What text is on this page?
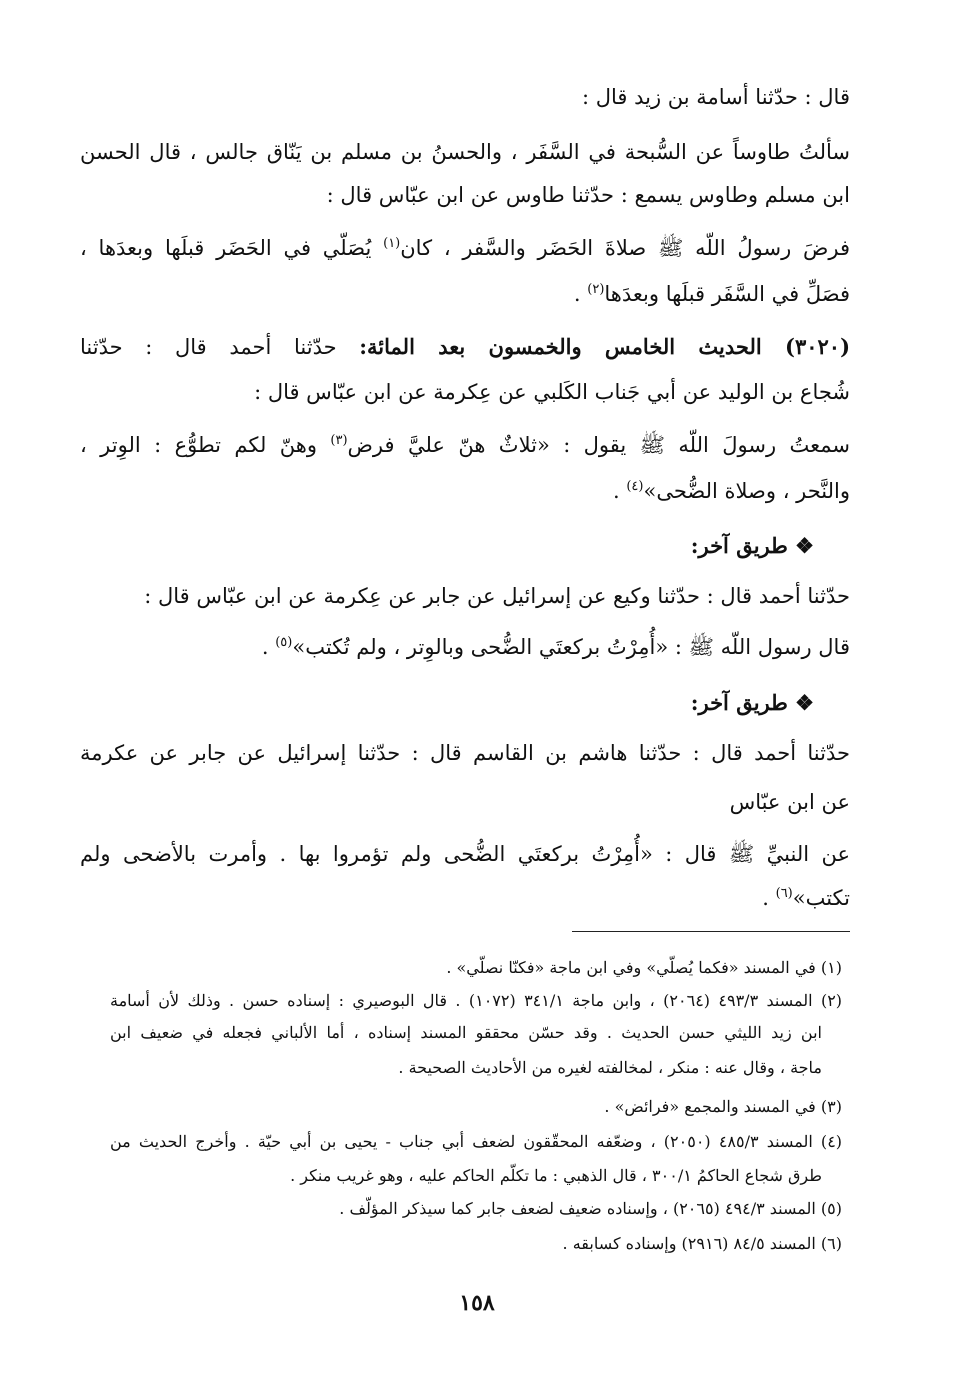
قال : حدّثنا أسامة بن زيد قال :
سألتُ طاوساً عن السُّبحة في السَّفَر ، والحسنُ بن مسلم بن يَنّاق جالس ، قال الحسن
ابن مسلم وطاوس يسمع : حدّثنا طاوس عن ابن عبّاس قال :
فرضَ رسولُ اللّه ﷺ صلاةَ الحَضَر والسَّفر ، كان$^{(١)}$ يُصَلّي في الحَضَر قبلَها وبعدَها ،
فصَلِّ في السَّفَر قبلَها وبعدَها$^{(٢)}$ .
(٣٠٢٠) الحديث الخامس والخمسون بعد المائة: حدّثنا أحمد قال : حدّثنا
شُجاع بن الوليد عن أبي جَناب الكَلبي عن عِكرمة عن ابن عبّاس قال :
سمعتُ رسولَ اللّه ﷺ يقول : «ثلاثٌ هنّ عليَّ فرض$^{(٣)}$ وهنّ لكم تطوُّع : الوِتر ،
والنَّحر ، وصلاة الضُّحى»$^{(٤)}$ .
❖ طريق آخر:
حدّثنا أحمد قال : حدّثنا وكيع عن إسرائيل عن جابر عن عِكرمة عن ابن عبّاس قال :
قال رسول اللّه ﷺ : «أُمِرْتُ بركعتَي الضُّحى وبالوِتر ، ولم تُكتب»$^{(٥)}$ .
❖ طريق آخر:
حدّثنا أحمد قال : حدّثنا هاشم بن القاسم قال : حدّثنا إسرائيل عن جابر عن عكرمة
عن ابن عبّاس
عن النبيِّ ﷺ قال : «أُمِرْتُ بركعتَي الضُّحى ولم تؤمروا بها . وأمرت بالأضحى ولم
تكتب»$^{(٦)}$ .
(١) في المسند «فكما يُصلّي» وفي ابن ماجة «فكنّا نصلّي» .
(٢) المسند ٤٩٣/٣ (٢٠٦٤) ، وابن ماجة ٣٤١/١ (١٠٧٢) . قال البوصيري : إسناده حسن . وذلك لأن أسامة
ابن زيد الليثي حسن الحديث . وقد حسّن محققو المسند إسناده ، أما الألباني فجعله في ضعيف ابن
ماجة ، وقال عنه : منكر ، لمخالفته لغيره من الأحاديث الصحيحة .
(٣) في المسند والمجمع «فرائض» .
(٤) المسند ٤٨٥/٣ (٢٠٥٠) ، وضعّفه المحقّقون لضعف أبي جناب - يحيى بن أبي حيّة . وأخرج الحديث من
طرق شجاع الحاكمُ ٣٠٠/١ ، قال الذهبي : ما تكلّم الحاكم عليه ، وهو غريب منكر .
(٥) المسند ٤٩٤/٣ (٢٠٦٥) ، وإسناده ضعيف لضعف جابر كما سيذكر المؤلّف .
(٦) المسند ٨٤/٥ (٢٩١٦) وإسناده كسابقه .
١٥٨
